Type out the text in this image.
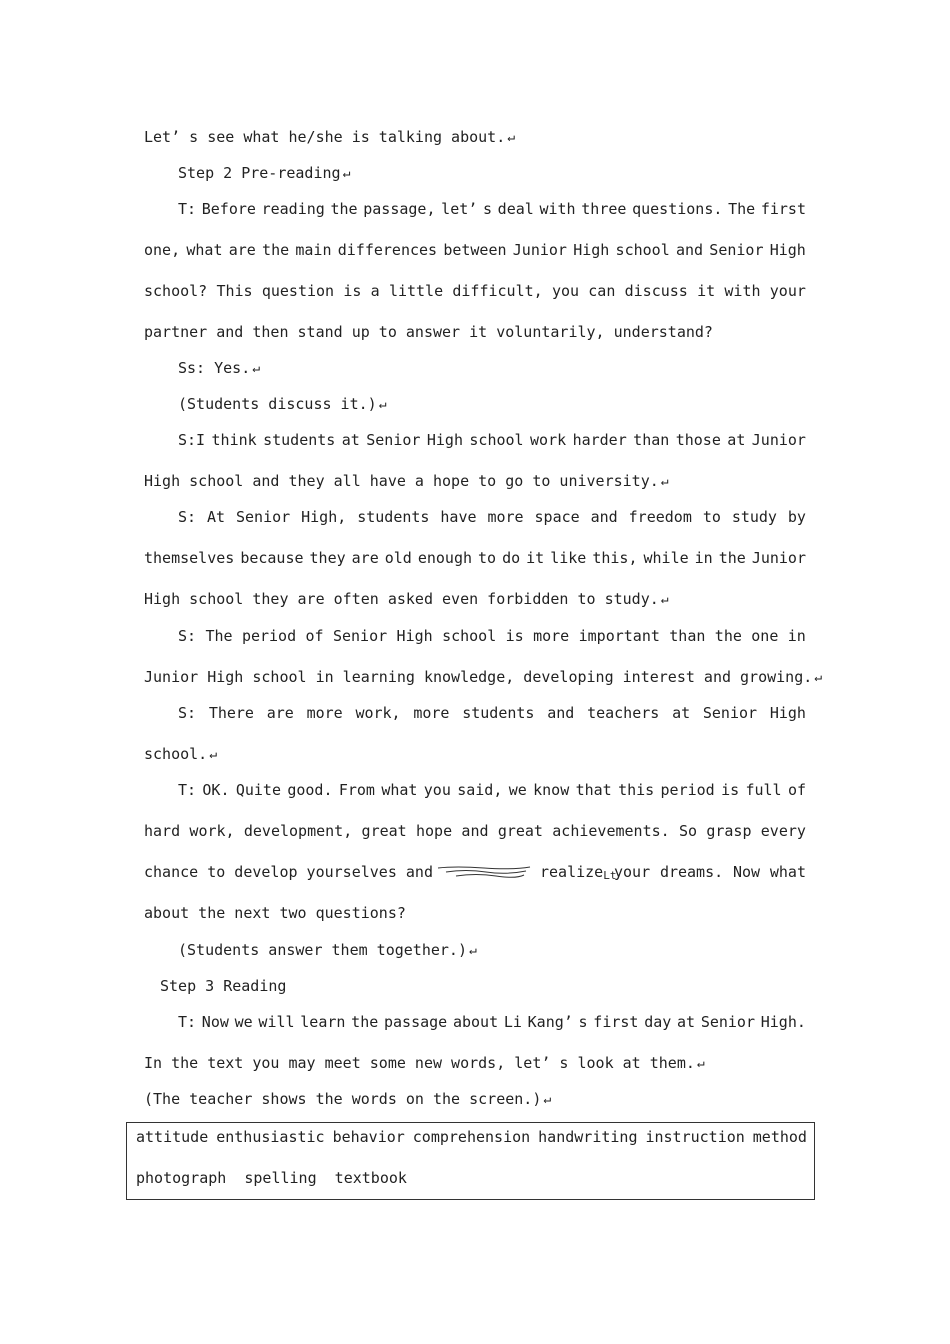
Let’ s see what he/she is talking about. ↵
Step 2 Pre-reading ↵
T: Before reading the passage, let’ s deal with three questions. The first
one, what are the main differences between Junior High school and Senior High
school? This question is a little difficult, you can discuss it with your
partner and then stand up to answer it voluntarily, understand?
Ss: Yes. ↵
(Students discuss it.) ↵
S:I think students at Senior High school work harder than those at Junior
High school and they all have a hope to go to university. ↵
S: At Senior High, students have more space and freedom to study by
themselves because they are old enough to do it like this, while in the Junior
High school they are often asked even forbidden to study. ↵
S: The period of Senior High school is more important than the one in
Junior High school in learning knowledge, developing interest and growing. ↵
S: There are more work, more students and teachers at Senior High
school. ↵
T: OK. Quite good. From what you said, we know that this period is full of
hard work, development, great hope and great achievements. So grasp every
chance to develop yourselves and	realizeLt
your dreams. Now what
about the next two questions?
(Students answer them together.) ↵
Step 3 Reading
T: Now we will learn the passage about Li Kang’ s first day at Senior High.
In the text you may meet some new words, let’ s look at them. ↵
(The teacher shows the words on the screen.) ↵
attitude enthusiastic behavior comprehension handwriting instruction method
photograph  spelling  textbook
